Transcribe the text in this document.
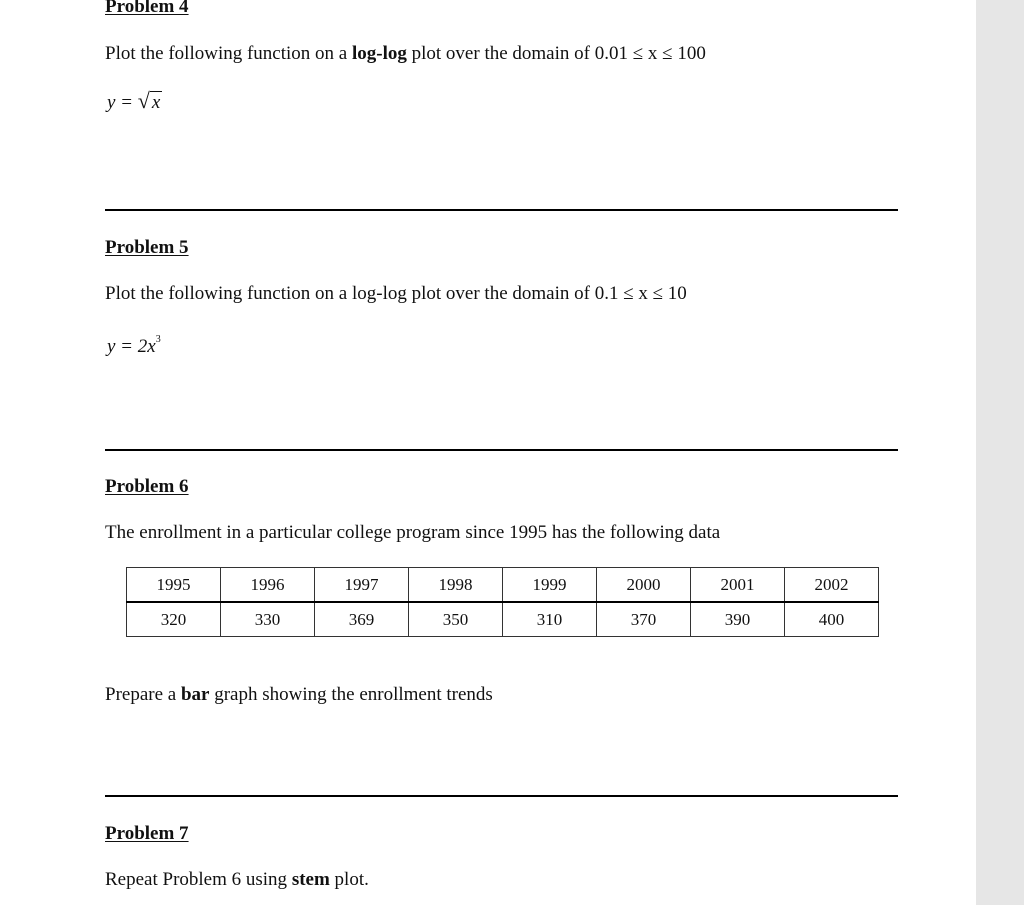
Problem 4
Plot the following function on a log-log plot over the domain of 0.01 ≤ x ≤ 100
y = √ x
Problem 5
Plot the following function on a log-log plot over the domain of 0.1 ≤ x ≤ 10
$y = 2x^3$
Problem 6
The enrollment in a particular college program since 1995 has the following data
1995	1996	1997	1998	1999	2000	2001	2002
320	330	369	350	310	370	390	400
Prepare a bar graph showing the enrollment trends
Problem 7
Repeat Problem 6 using stem plot.
